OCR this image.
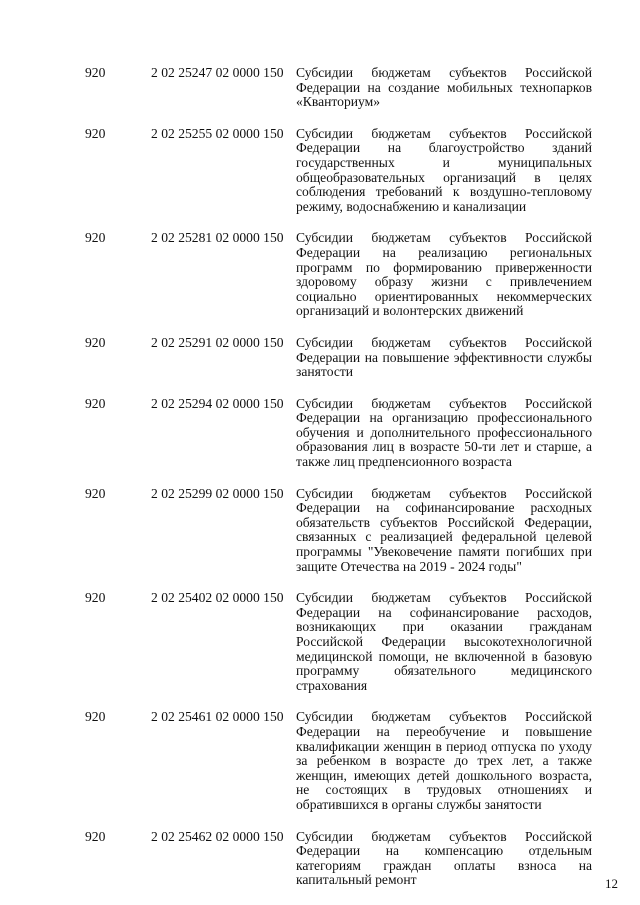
920	2 02 25247 02 0000 150 Субсидии бюджетам субъектов Российской Федерации на создание мобильных технопарков «Кванториум»
920	2 02 25255 02 0000 150 Субсидии бюджетам субъектов Российской Федерации на благоустройство зданий государственных и муниципальных общеобразовательных организаций в целях соблюдения требований к воздушно-тепловому режиму, водоснабжению и канализации
920	2 02 25281 02 0000 150 Субсидии бюджетам субъектов Российской Федерации на реализацию региональных программ по формированию приверженности здоровому образу жизни с привлечением социально ориентированных некоммерческих организаций и волонтерских движений
920	2 02 25291 02 0000 150 Субсидии бюджетам субъектов Российской Федерации на повышение эффективности службы занятости
920	2 02 25294 02 0000 150 Субсидии бюджетам субъектов Российской Федерации на организацию профессионального обучения и дополнительного профессионального образования лиц в возрасте 50-ти лет и старше, а также лиц предпенсионного возраста
920	2 02 25299 02 0000 150 Субсидии бюджетам субъектов Российской Федерации на софинансирование расходных обязательств субъектов Российской Федерации, связанных с реализацией федеральной целевой программы "Увековечение памяти погибших при защите Отечества на 2019 - 2024 годы"
920	2 02 25402 02 0000 150 Субсидии бюджетам субъектов Российской Федерации на софинансирование расходов, возникающих при оказании гражданам Российской Федерации высокотехнологичной медицинской помощи, не включенной в базовую программу обязательного медицинского страхования
920	2 02 25461 02 0000 150 Субсидии бюджетам субъектов Российской Федерации на переобучение и повышение квалификации женщин в период отпуска по уходу за ребенком в возрасте до трех лет, а также женщин, имеющих детей дошкольного возраста, не состоящих в трудовых отношениях и обратившихся в органы службы занятости
920	2 02 25462 02 0000 150 Субсидии бюджетам субъектов Российской Федерации на компенсацию отдельным категориям граждан оплаты взноса на капитальный ремонт	12
